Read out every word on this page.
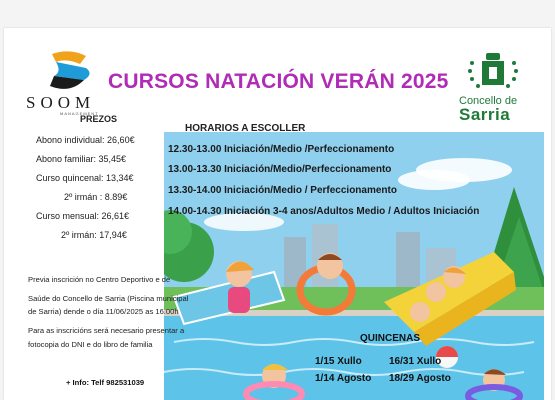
SOOM
MANAGEMENT
CURSOS NATACIÓN VERÁN 2025
Concello de
Sarria
PREZOS
Abono individual: 26,60€
Abono familiar: 35,45€
Curso quincenal: 13,34€
2º irmán : 8.89€
Curso mensual: 26,61€
2º irmán: 17,94€
HORARIOS A ESCOLLER
12.30-13.00 Iniciación/Medio /Perfeccionamento
13.00-13.30 Iniciación/Medio/Perfeccionamento
13.30-14.00 Iniciación/Medio / Perfeccionamento
14.00-14.30 Iniciación 3-4 anos/Adultos Medio / Adultos Iniciación
Previa inscrición no Centro Deportivo e de
Saúde do Concello de Sarria (Piscina municipal
de Sarria) dende o día 11/06/2025 as 16.00h
Para as inscricións será necesario presentar a
fotocopia do DNI e do libro de familia
+ Info: Telf 982531039
QUINCENAS
1/15 Xullo	16/31 Xullo
1/14 Agosto 18/29 Agosto
